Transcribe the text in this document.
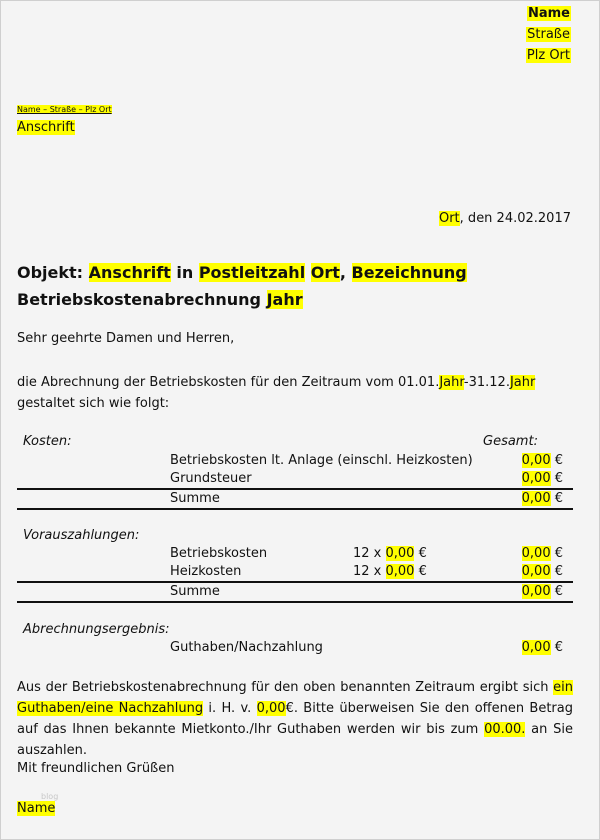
Name
Straße
Plz Ort
Name – Straße – Plz Ort
Anschrift
Ort, den 24.02.2017
Objekt: Anschrift in Postleitzahl Ort, Bezeichnung
Betriebskostenabrechnung Jahr
Sehr geehrte Damen und Herren,
die Abrechnung der Betriebskosten für den Zeitraum vom 01.01.Jahr-31.12.Jahr gestaltet sich wie folgt:
Kosten:	Gesamt:
Betriebskosten lt. Anlage (einschl. Heizkosten)	0,00 €
Grundsteuer	0,00 €
Summe	0,00 €
Vorauszahlungen:
Betriebskosten	12 x 0,00 €	0,00 €
Heizkosten	12 x 0,00 €	0,00 €
Summe	0,00 €
Abrechnungsergebnis:
Guthaben/Nachzahlung	0,00 €
Aus der Betriebskostenabrechnung für den oben benannten Zeitraum ergibt sich ein Guthaben/eine Nachzahlung i. H. v. 0,00€. Bitte überweisen Sie den offenen Betrag auf das Ihnen bekannte Mietkonto./Ihr Guthaben werden wir bis zum 00.00. an Sie auszahlen.
Mit freundlichen Grüßen
blog
Name
